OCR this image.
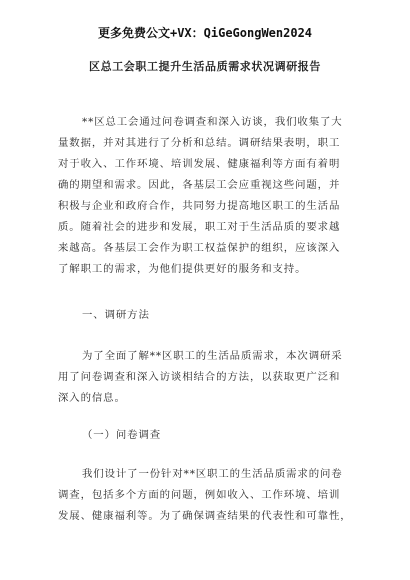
更多免费公文+VX：QiGeGongWen2024
区总工会职工提升生活品质需求状况调研报告
**区总工会通过问卷调查和深入访谈，我们收集了大
量数据，并对其进行了分析和总结。调研结果表明，职工
对于收入、工作环境、培训发展、健康福利等方面有着明
确的期望和需求。因此，各基层工会应重视这些问题，并
积极与企业和政府合作，共同努力提高地区职工的生活品
质。随着社会的进步和发展，职工对于生活品质的要求越
来越高。各基层工会作为职工权益保护的组织，应该深入
了解职工的需求，为他们提供更好的服务和支持。
一、调研方法
为了全面了解**区职工的生活品质需求，本次调研采
用了问卷调查和深入访谈相结合的方法，以获取更广泛和
深入的信息。
（一）问卷调查
我们设计了一份针对**区职工的生活品质需求的问卷
调查，包括多个方面的问题，例如收入、工作环境、培训
发展、健康福利等。为了确保调查结果的代表性和可靠性，
